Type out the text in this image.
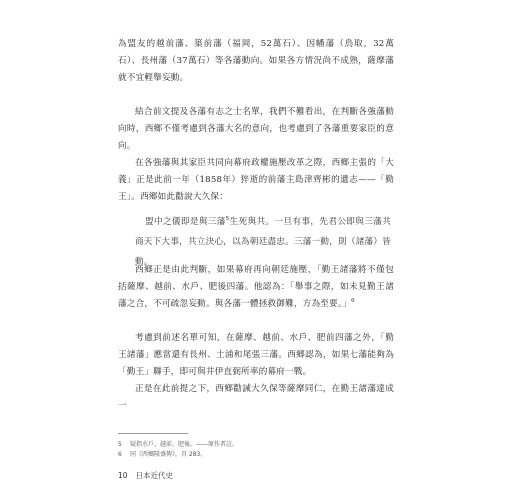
為盟友的越前藩、築前藩（福岡，52萬石）、因幡藩（鳥取，32萬石）、長州藩（37萬石）等各藩動向。如果各方情況尚不成熟，薩摩藩就不宜輕舉妄動。

結合前文提及各藩有志之士名單，我們不難看出，在判斷各強藩動向時，西鄉不僅考慮到各藩大名的意向，也考慮到了各藩重要家臣的意向。

在各強藩與其家臣共同向幕府政權施壓改革之際，西鄉主張的「大義」正是此前一年（1858年）猝逝的前藩主島津齊彬的遺志——「勤王」。西鄉如此勸說大久保：

盟中之儀即是與三藩$^5$生死與共。一旦有事，先君公即與三藩共商天下大事，共立決心，以為朝廷盡忠。三藩一動，則（諸藩）皆動。

西鄉正是由此判斷，如果幕府再向朝廷施壓，「勤王諸藩將不僅包括薩摩、越前、水戶、肥後四藩。他認為：「舉事之際，如未見勤王諸藩之合，不可疏忽妄動。與各藩一體拯救御難，方為至要。」$^6$

考慮到前述名單可知，在薩摩、越前、水戶、肥前四藩之外，「勤王諸藩」應當還有長州、土浦和尾張三藩。西鄉認為，如果七藩能夠為「勤王」聯手，即可與井伊直弼所率的幕府一戰。

正是在此前提之下，西鄉勸誡大久保等薩摩同仁，在勤王諸藩達成一

5 疑指水戶、越前、肥後。——原作者註。

6 同《西鄉隆盛傳》，頁 283。

10 日本近代史
